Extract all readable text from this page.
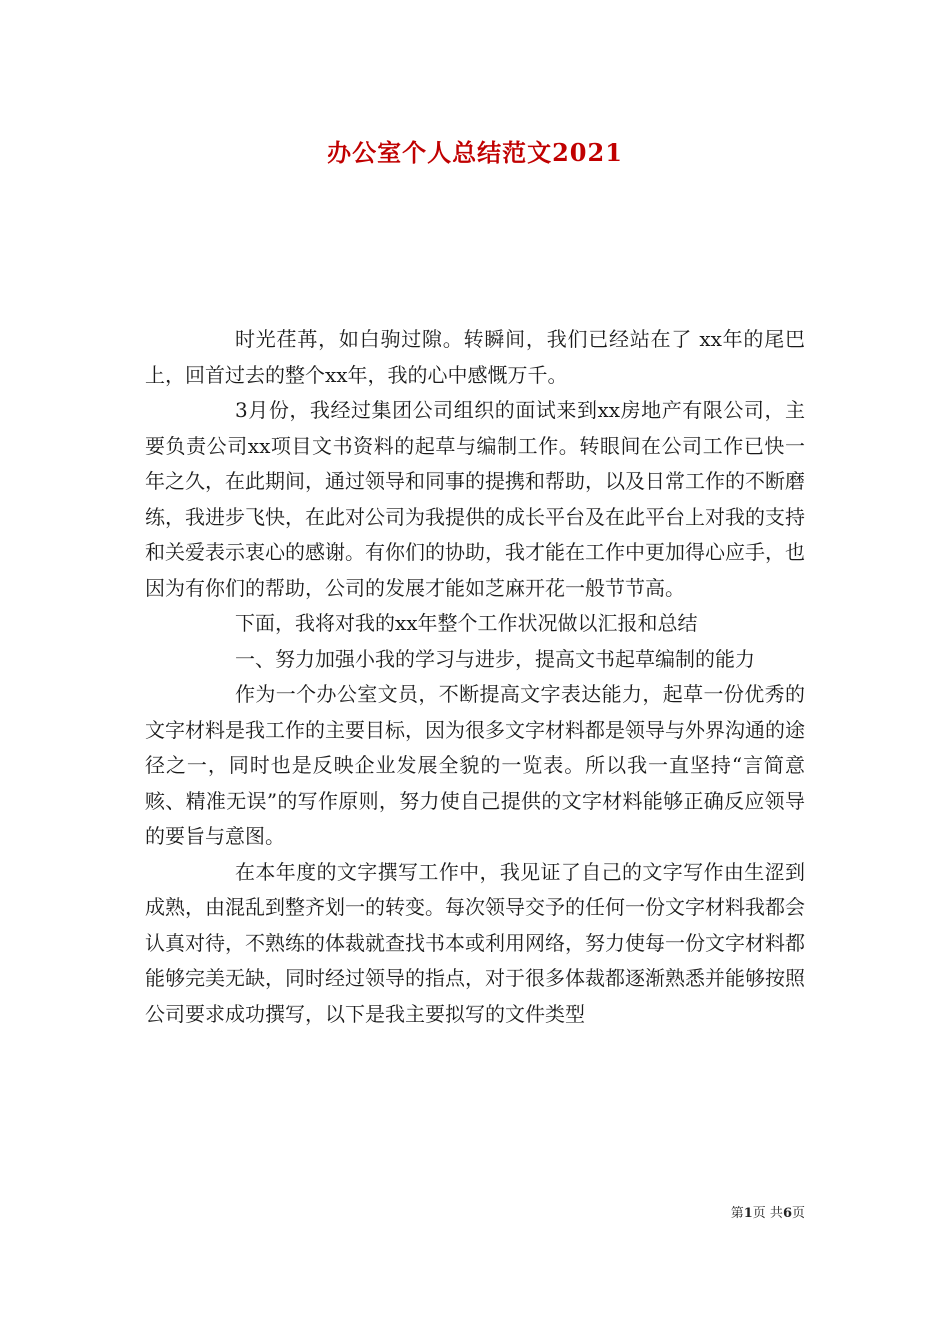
办公室个人总结范文2021

时光荏苒，如白驹过隙。转瞬间，我们已经站在了 xx年的尾巴上，回首过去的整个xx年，我的心中感慨万千。

3月份，我经过集团公司组织的面试来到xx房地产有限公司，主要负责公司xx项目文书资料的起草与编制工作。转眼间在公司工作已快一年之久，在此期间，通过领导和同事的提携和帮助，以及日常工作的不断磨练，我进步飞快，在此对公司为我提供的成长平台及在此平台上对我的支持和关爱表示衷心的感谢。有你们的协助，我才能在工作中更加得心应手，也因为有你们的帮助，公司的发展才能如芝麻开花一般节节高。

下面，我将对我的xx年整个工作状况做以汇报和总结

一、努力加强小我的学习与进步，提高文书起草编制的能力

作为一个办公室文员，不断提高文字表达能力，起草一份优秀的文字材料是我工作的主要目标，因为很多文字材料都是领导与外界沟通的途径之一，同时也是反映企业发展全貌的一览表。所以我一直坚持“言简意赅、精准无误”的写作原则，努力使自己提供的文字材料能够正确反应领导的要旨与意图。

在本年度的文字撰写工作中，我见证了自己的文字写作由生涩到成熟，由混乱到整齐划一的转变。每次领导交予的任何一份文字材料我都会认真对待，不熟练的体裁就查找书本或利用网络，努力使每一份文字材料都能够完美无缺，同时经过领导的指点，对于很多体裁都逐渐熟悉并能够按照公司要求成功撰写，以下是我主要拟写的文件类型

第1页 共6页
